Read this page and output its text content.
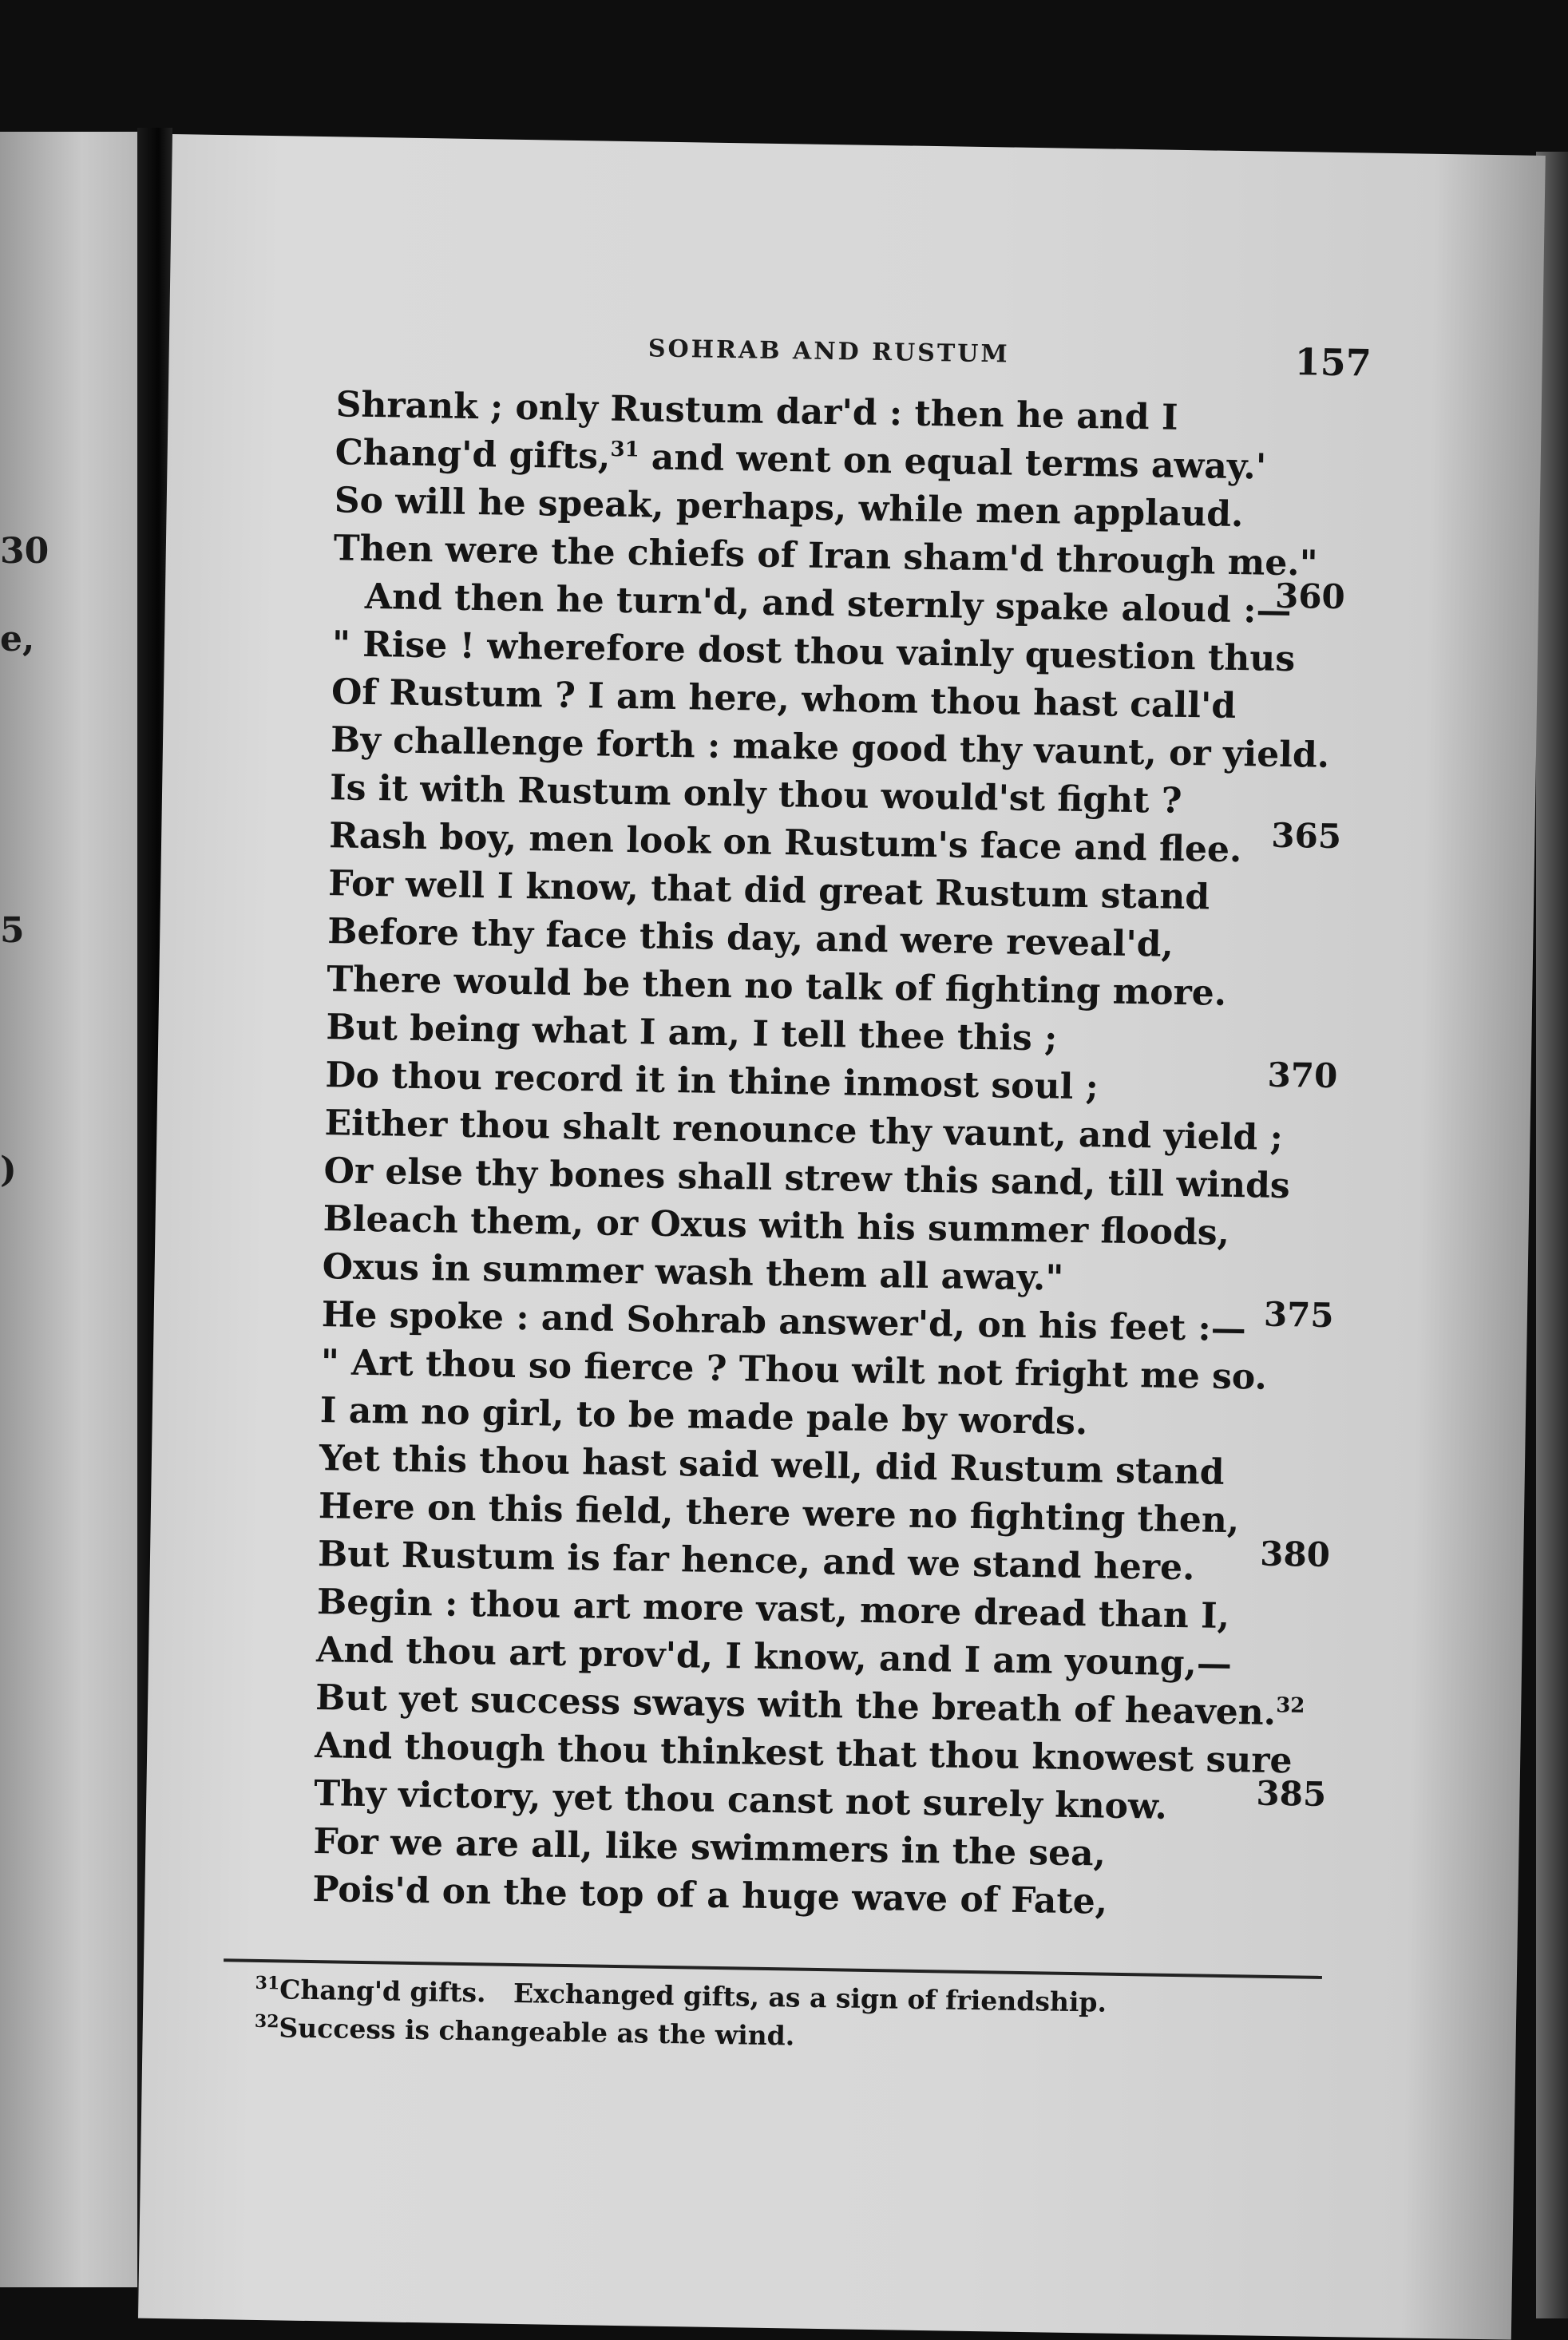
30
e,
5
)
SOHRAB AND RUSTUM	157
Shrank ; only Rustum dar'd : then he and I
Chang'd gifts,$^{31}$ and went on equal terms away.'
So will he speak, perhaps, while men applaud.
Then were the chiefs of Iran sham'd through me."
And then he turn'd, and sternly spake aloud :—
" Rise ! wherefore dost thou vainly question thus
Of Rustum ? I am here, whom thou hast call'd
By challenge forth : make good thy vaunt, or yield.
Is it with Rustum only thou would'st fight ?
Rash boy, men look on Rustum's face and flee.
For well I know, that did great Rustum stand
Before thy face this day, and were reveal'd,
There would be then no talk of fighting more.
But being what I am, I tell thee this ;
Do thou record it in thine inmost soul ;
Either thou shalt renounce thy vaunt, and yield ;
Or else thy bones shall strew this sand, till winds
Bleach them, or Oxus with his summer floods,
Oxus in summer wash them all away."
He spoke : and Sohrab answer'd, on his feet :—
" Art thou so fierce ? Thou wilt not fright me so.
I am no girl, to be made pale by words.
Yet this thou hast said well, did Rustum stand
Here on this field, there were no fighting then,
But Rustum is far hence, and we stand here.
Begin : thou art more vast, more dread than I,
And thou art prov'd, I know, and I am young,—
But yet success sways with the breath of heaven.$^{32}$
And though thou thinkest that thou knowest sure
Thy victory, yet thou canst not surely know.
For we are all, like swimmers in the sea,
Pois'd on the top of a huge wave of Fate,
360
365
370
375
380
385
$^{31}$Chang'd gifts. Exchanged gifts, as a sign of friendship.
$^{32}$Success is changeable as the wind.
